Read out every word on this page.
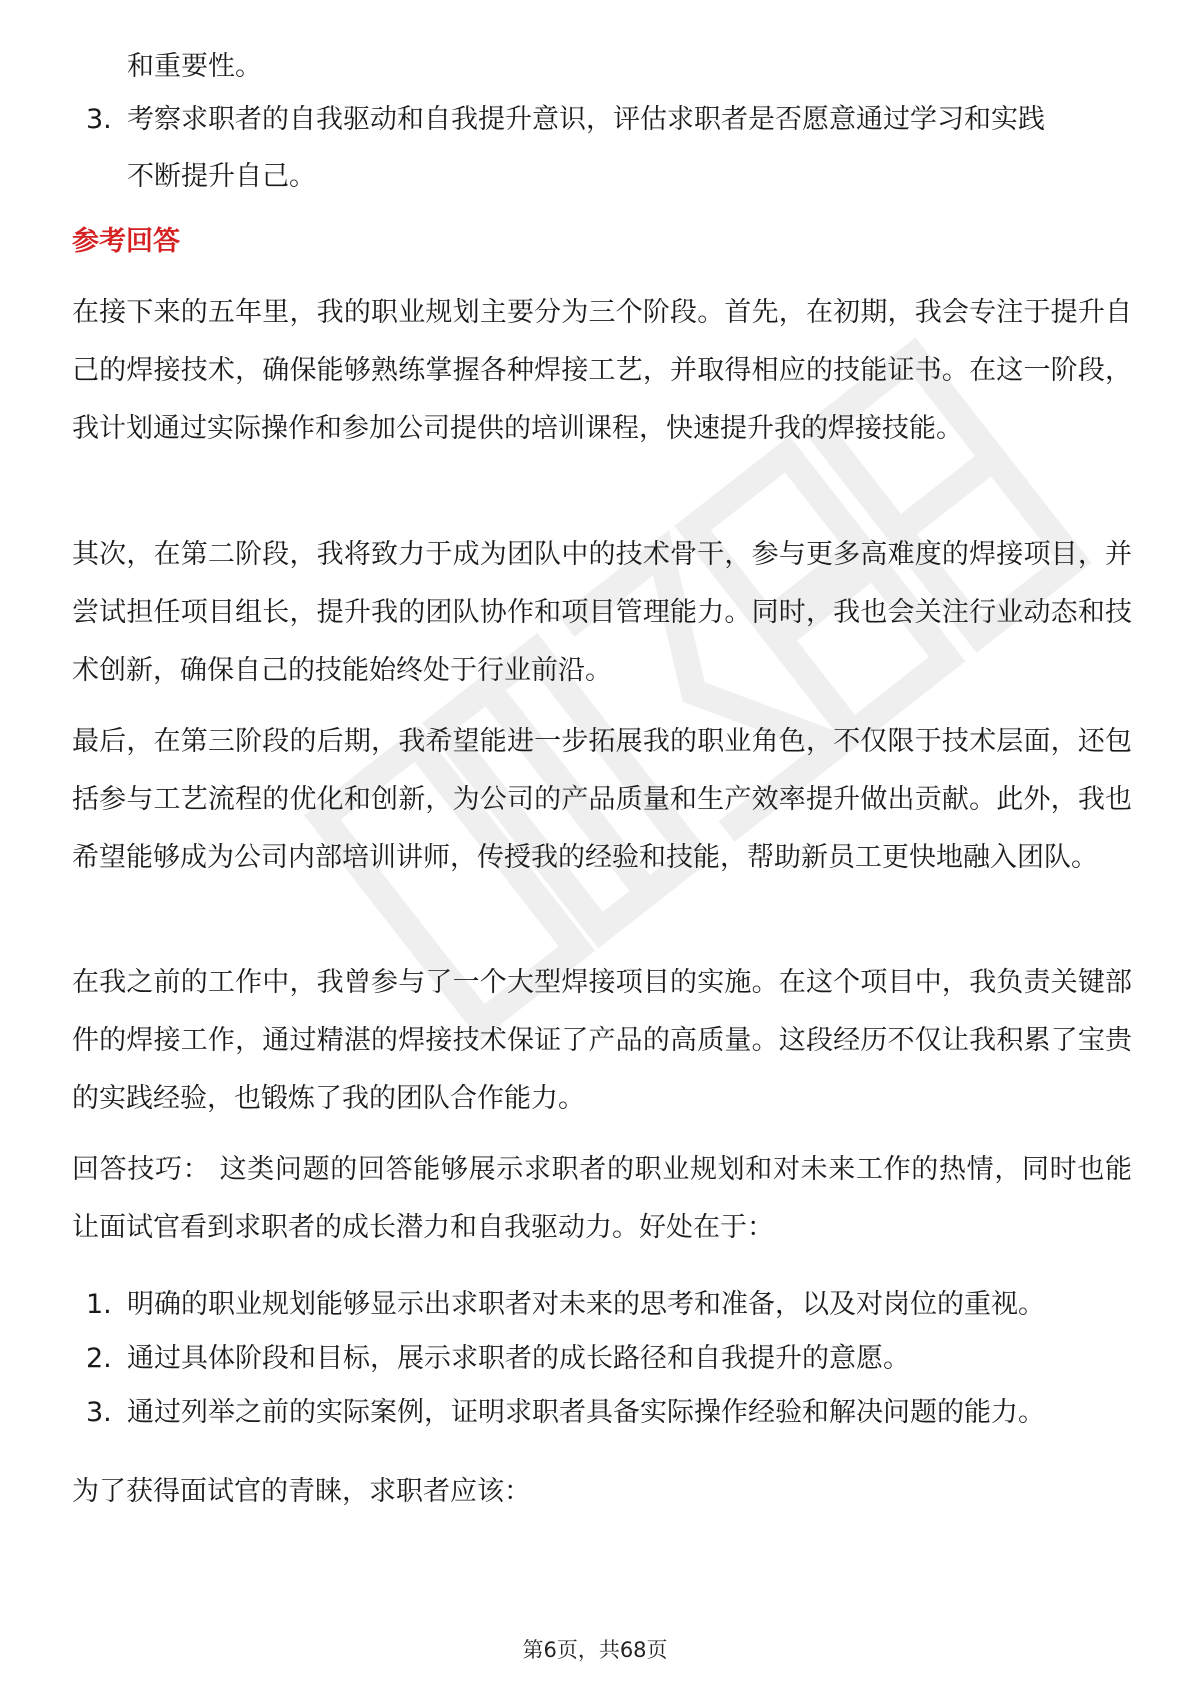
和重要性。
3. 考察求职者的自我驱动和自我提升意识，评估求职者是否愿意通过学习和实践
不断提升自己。
参考回答
在接下来的五年里，我的职业规划主要分为三个阶段。首先，在初期，我会专注于提升自己的焊接技术，确保能够熟练掌握各种焊接工艺，并取得相应的技能证书。在这一阶段，我计划通过实际操作和参加公司提供的培训课程，快速提升我的焊接技能。
其次，在第二阶段，我将致力于成为团队中的技术骨干，参与更多高难度的焊接项目，并尝试担任项目组长，提升我的团队协作和项目管理能力。同时，我也会关注行业动态和技术创新，确保自己的技能始终处于行业前沿。
最后，在第三阶段的后期，我希望能进一步拓展我的职业角色，不仅限于技术层面，还包括参与工艺流程的优化和创新，为公司的产品质量和生产效率提升做出贡献。此外，我也希望能够成为公司内部培训讲师，传授我的经验和技能，帮助新员工更快地融入团队。
在我之前的工作中，我曾参与了一个大型焊接项目的实施。在这个项目中，我负责关键部件的焊接工作，通过精湛的焊接技术保证了产品的高质量。这段经历不仅让我积累了宝贵的实践经验，也锻炼了我的团队合作能力。
回答技巧： 这类问题的回答能够展示求职者的职业规划和对未来工作的热情，同时也能让面试官看到求职者的成长潜力和自我驱动力。好处在于：
1. 明确的职业规划能够显示出求职者对未来的思考和准备，以及对岗位的重视。
2. 通过具体阶段和目标，展示求职者的成长路径和自我提升的意愿。
3. 通过列举之前的实际案例，证明求职者具备实际操作经验和解决问题的能力。
为了获得面试官的青睐，求职者应该：
第6页，共68页
